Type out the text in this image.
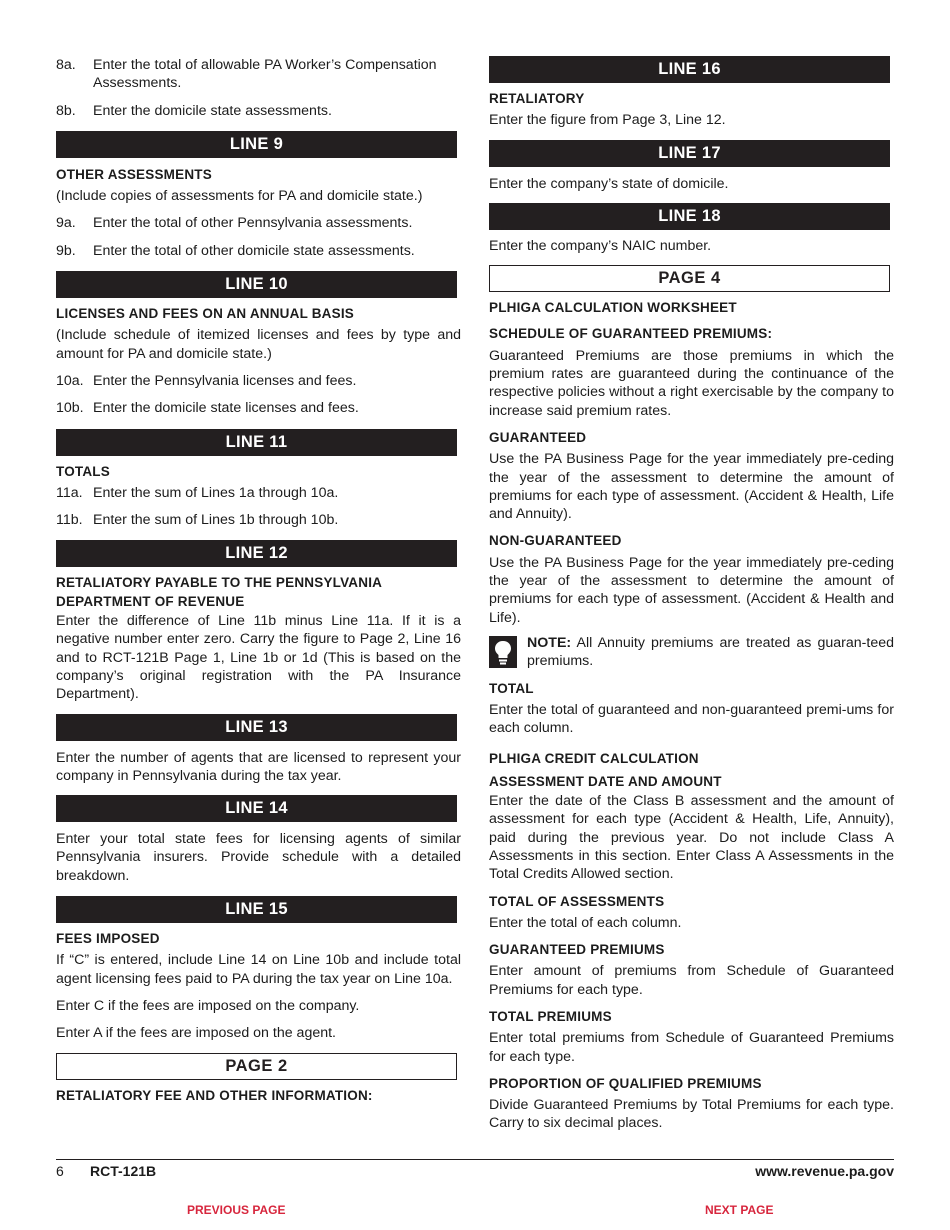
8a.	Enter the total of allowable PA Worker’s Compensation Assessments.
8b.	Enter the domicile state assessments.
LINE 9

OTHER ASSESSMENTS

(Include copies of assessments for PA and domicile state.)

9a.	Enter the total of other Pennsylvania assessments.
9b.	Enter the total of other domicile state assessments.
LINE 10

LICENSES AND FEES ON AN ANNUAL BASIS

(Include schedule of itemized licenses and fees by type and amount for PA and domicile state.)

10a. Enter the Pennsylvania licenses and fees.
10b. Enter the domicile state licenses and fees.
LINE 11

TOTALS

11a. Enter the sum of Lines 1a through 10a.
11b. Enter the sum of Lines 1b through 10b.
LINE 12

RETALIATORY PAYABLE TO THE PENNSYLVANIA DEPARTMENT OF REVENUE

Enter the difference of Line 11b minus Line 11a. If it is a negative number enter zero. Carry the figure to Page 2, Line 16 and to RCT-121B Page 1, Line 1b or 1d (This is based on the company’s original registration with the PA Insurance Department).

LINE 13

Enter the number of agents that are licensed to represent your company in Pennsylvania during the tax year.

LINE 14

Enter your total state fees for licensing agents of similar Pennsylvania insurers. Provide schedule with a detailed breakdown.

LINE 15

FEES IMPOSED

If “C” is entered, include Line 14 on Line 10b and include total agent licensing fees paid to PA during the tax year on Line 10a.

Enter C if the fees are imposed on the company.

Enter A if the fees are imposed on the agent.

PAGE 2

RETALIATORY FEE AND OTHER INFORMATION:

LINE 16

RETALIATORY

Enter the figure from Page 3, Line 12.

LINE 17

Enter the company’s state of domicile.

LINE 18

Enter the company’s NAIC number.

PAGE 4

PLHIGA CALCULATION WORKSHEET

SCHEDULE OF GUARANTEED PREMIUMS:

Guaranteed Premiums are those premiums in which the premium rates are guaranteed during the continuance of the respective policies without a right exercisable by the company to increase said premium rates.

GUARANTEED

Use the PA Business Page for the year immediately pre-ceding the year of the assessment to determine the amount of premiums for each type of assessment. (Accident & Health, Life and Annuity).

NON-GUARANTEED

Use the PA Business Page for the year immediately pre-ceding the year of the assessment to determine the amount of premiums for each type of assessment. (Accident & Health and Life).

NOTE: All Annuity premiums are treated as guaran-teed premiums.

TOTAL

Enter the total of guaranteed and non-guaranteed premi-ums for each column.

PLHIGA CREDIT CALCULATION

ASSESSMENT DATE AND AMOUNT

Enter the date of the Class B assessment and the amount of assessment for each type (Accident & Health, Life, Annuity), paid during the previous year. Do not include Class A Assessments in this section. Enter Class A Assessments in the Total Credits Allowed section.

TOTAL OF ASSESSMENTS

Enter the total of each column.

GUARANTEED PREMIUMS

Enter amount of premiums from Schedule of Guaranteed Premiums for each type.

TOTAL PREMIUMS

Enter total premiums from Schedule of Guaranteed Premiums for each type.

PROPORTION OF QUALIFIED PREMIUMS

Divide Guaranteed Premiums by Total Premiums for each type. Carry to six decimal places.

6 RCT-121B	www.revenue.pa.gov
PREVIOUS PAGE	NEXT PAGE
